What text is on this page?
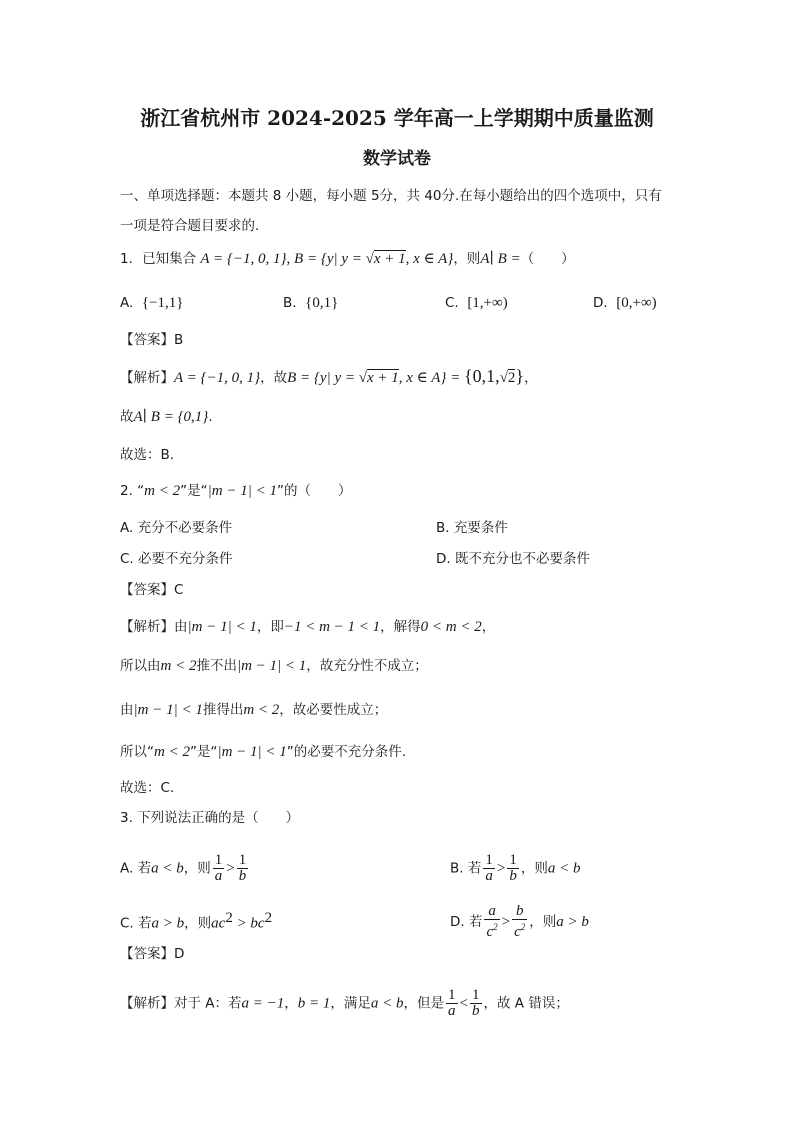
浙江省杭州市 2024-2025 学年高一上学期期中质量监测
数学试卷
一、单项选择题：本题共 8 小题，每小题 5分，共 40分.在每小题给出的四个选项中，只有
一项是符合题目要求的.
1．已知集合 A = {−1, 0, 1}, B = {y| y = √x + 1, x ∈ A}，则A∣ B =（　　）
A. {−1,1}	B. {0,1}	C. [1,+∞)	D. [0,+∞)
【答案】B
【解析】A = {−1, 0, 1}，故B = {y| y = √x + 1, x ∈ A} = {0,1,√2}，
故A∣ B = {0,1}.
故选：B.
2. “m < 2”是“|m − 1| < 1”的（　　）
A. 充分不必要条件	B. 充要条件
C. 必要不充分条件	D. 既不充分也不必要条件
【答案】C
【解析】由|m − 1| < 1，即−1 < m − 1 < 1，解得0 < m < 2，
所以由m < 2推不出|m − 1| < 1，故充分性不成立；
由|m − 1| < 1推得出m < 2，故必要性成立；
所以“m < 2”是“|m − 1| < 1”的必要不充分条件.
故选：C.
3. 下列说法正确的是（　　）
A. 若a < b，则 $\frac{1}{a} > \frac{1}{b}$	B. 若 $\frac{1}{a} > \frac{1}{b}$ ，则a < b
C. 若a > b，则$ac^2 > bc^2$	D. 若 $\frac{a}{c^2} > \frac{b}{c^2}$ ，则a > b
【答案】D
【解析】对于 A：若a = −1，b = 1，满足a < b，但是 $\frac{1}{a} < \frac{1}{b}$ ，故 A 错误；
